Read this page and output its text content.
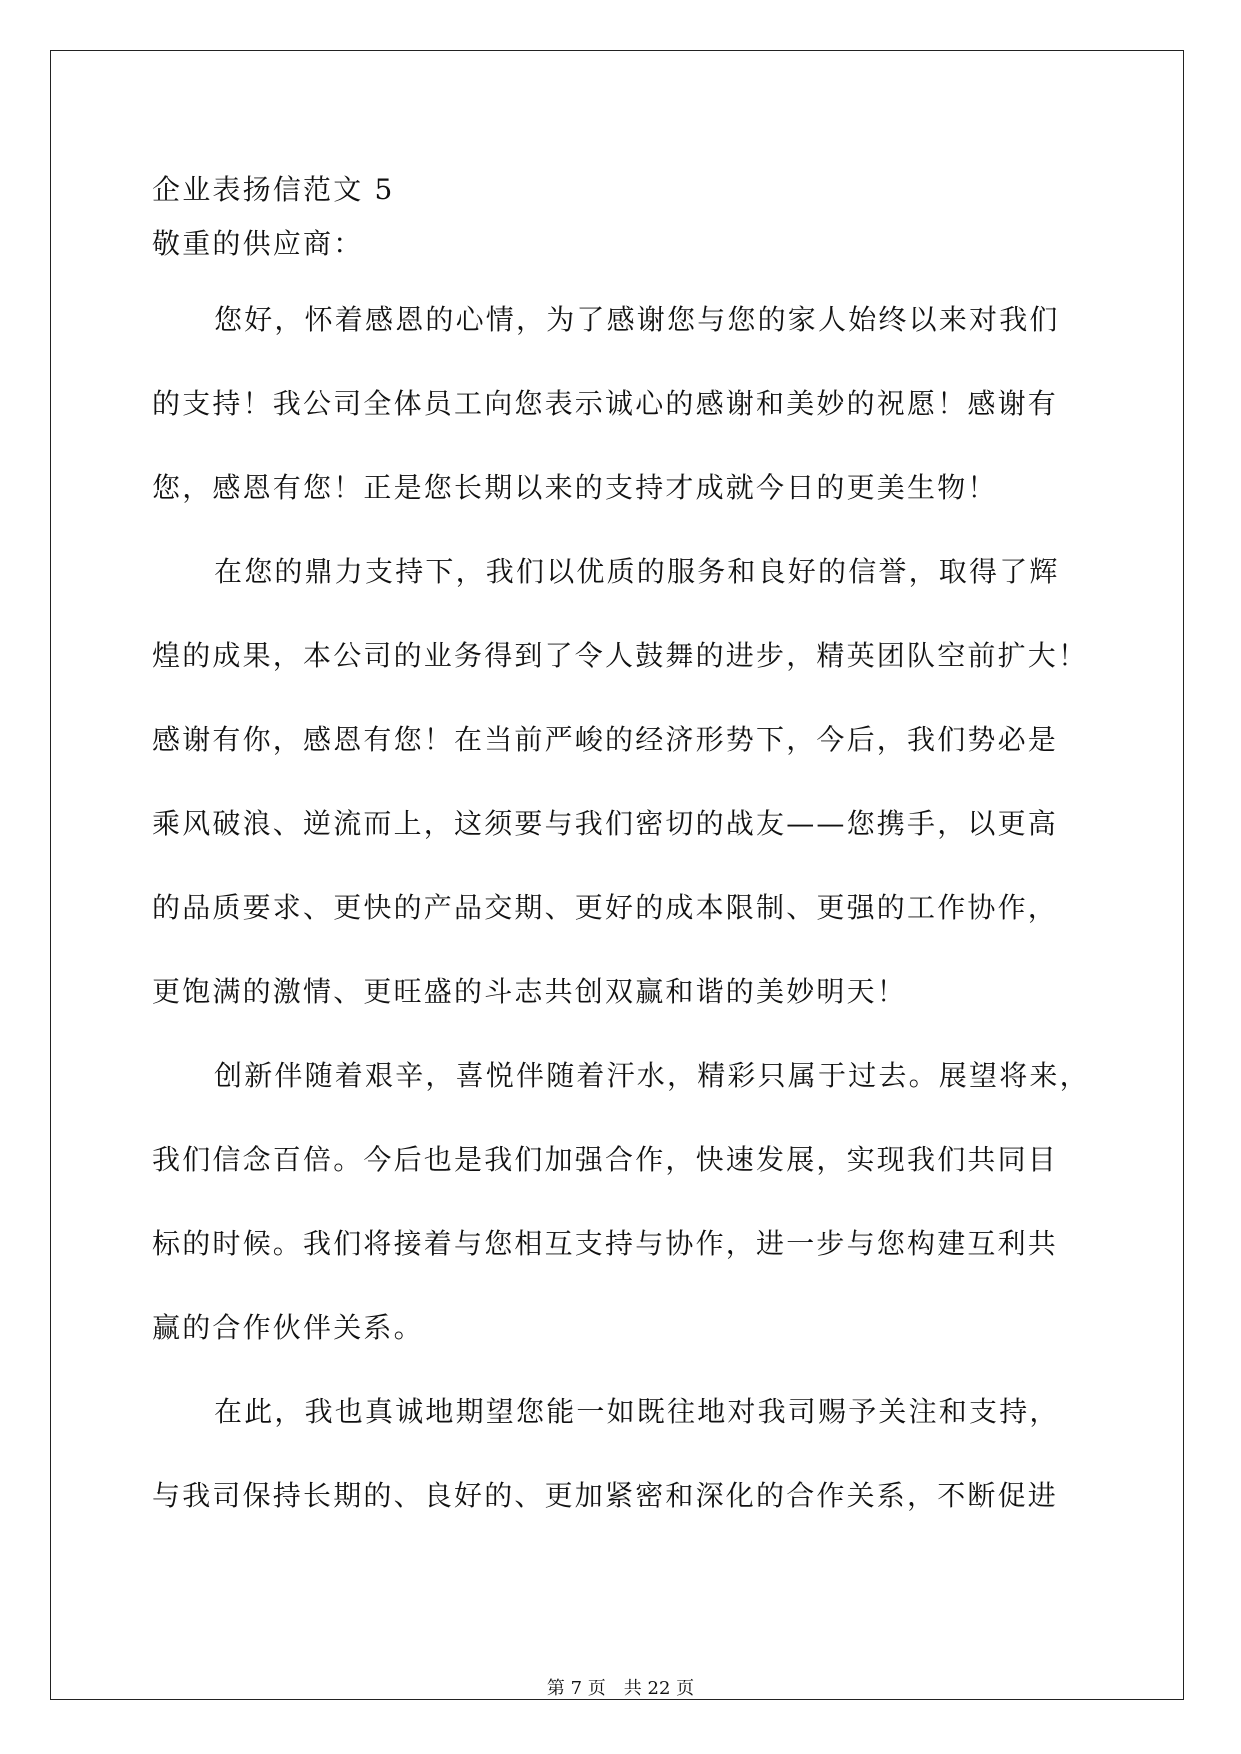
企业表扬信范文 5
敬重的供应商：
您好，怀着感恩的心情，为了感谢您与您的家人始终以来对我们
的支持！我公司全体员工向您表示诚心的感谢和美妙的祝愿！感谢有
您，感恩有您！正是您长期以来的支持才成就今日的更美生物！
在您的鼎力支持下，我们以优质的服务和良好的信誉，取得了辉
煌的成果，本公司的业务得到了令人鼓舞的进步，精英团队空前扩大！
感谢有你，感恩有您！在当前严峻的经济形势下，今后，我们势必是
乘风破浪、逆流而上，这须要与我们密切的战友——您携手，以更高
的品质要求、更快的产品交期、更好的成本限制、更强的工作协作，
更饱满的激情、更旺盛的斗志共创双赢和谐的美妙明天！
创新伴随着艰辛，喜悦伴随着汗水，精彩只属于过去。展望将来，
我们信念百倍。今后也是我们加强合作，快速发展，实现我们共同目
标的时候。我们将接着与您相互支持与协作，进一步与您构建互利共
赢的合作伙伴关系。
在此，我也真诚地期望您能一如既往地对我司赐予关注和支持，
与我司保持长期的、良好的、更加紧密和深化的合作关系，不断促进
第 7 页 共 22 页
